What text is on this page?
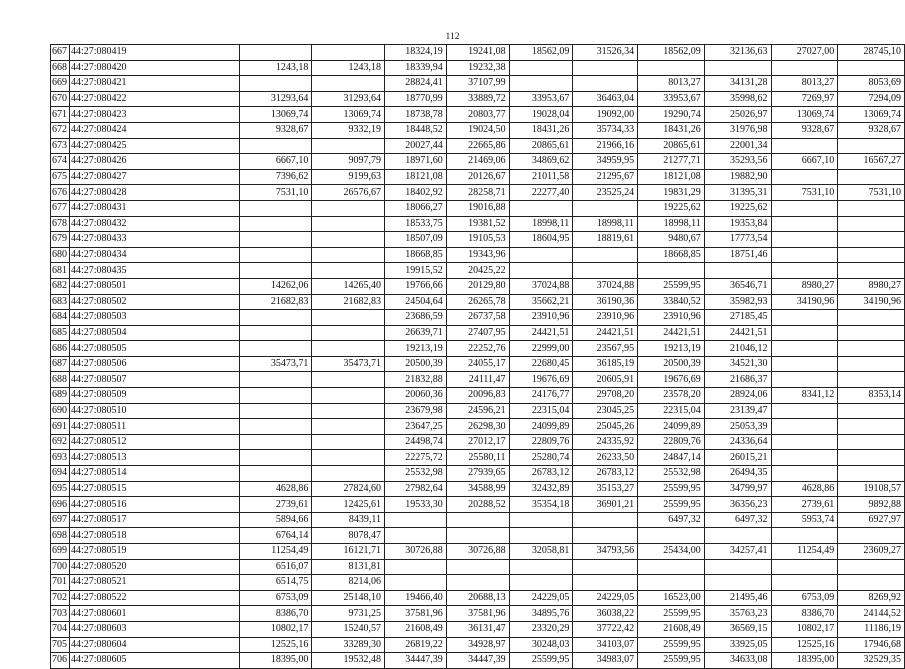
112
667	44:27:080419			18324,19	19241,08	18562,09	31526,34	18562,09	32136,63	27027,00	28745,10
668	44:27:080420	1243,18	1243,18	18339,94	19232,38						
669	44:27:080421			28824,41	37107,99			8013,27	34131,28	8013,27	8053,69
670	44:27:080422	31293,64	31293,64	18770,99	33889,72	33953,67	36463,04	33953,67	35998,62	7269,97	7294,09
671	44:27:080423	13069,74	13069,74	18738,78	20803,77	19028,04	19092,00	19290,74	25026,97	13069,74	13069,74
672	44:27:080424	9328,67	9332,19	18448,52	19024,50	18431,26	35734,33	18431,26	31976,98	9328,67	9328,67
673	44:27:080425			20027,44	22665,86	20865,61	21966,16	20865,61	22001,34		
674	44:27:080426	6667,10	9097,79	18971,60	21469,06	34869,62	34959,95	21277,71	35293,56	6667,10	16567,27
675	44:27:080427	7396,62	9199,63	18121,08	20126,67	21011,58	21295,67	18121,08	19882,90		
676	44:27:080428	7531,10	26576,67	18402,92	28258,71	22277,40	23525,24	19831,29	31395,31	7531,10	7531,10
677	44:27:080431			18066,27	19016,88			19225,62	19225,62		
678	44:27:080432			18533,75	19381,52	18998,11	18998,11	18998,11	19353,84		
679	44:27:080433			18507,09	19105,53	18604,95	18819,61	9480,67	17773,54		
680	44:27:080434			18668,85	19343,96			18668,85	18751,46		
681	44:27:080435			19915,52	20425,22						
682	44:27:080501	14262,06	14265,40	19766,66	20129,80	37024,88	37024,88	25599,95	36546,71	8980,27	8980,27
683	44:27:080502	21682,83	21682,83	24504,64	26265,78	35662,21	36190,36	33840,52	35982,93	34190,96	34190,96
684	44:27:080503			23686,59	26737,58	23910,96	23910,96	23910,96	27185,45		
685	44:27:080504			26639,71	27407,95	24421,51	24421,51	24421,51	24421,51		
686	44:27:080505			19213,19	22252,76	22999,00	23567,95	19213,19	21046,12		
687	44:27:080506	35473,71	35473,71	20500,39	24055,17	22680,45	36185,19	20500,39	34521,30		
688	44:27:080507			21832,88	24111,47	19676,69	20605,91	19676,69	21686,37		
689	44:27:080509			20060,36	20096,83	24176,77	29708,20	23578,20	28924,06	8341,12	8353,14
690	44:27:080510			23679,98	24596,21	22315,04	23045,25	22315,04	23139,47		
691	44:27:080511			23647,25	26298,30	24099,89	25045,26	24099,89	25053,39		
692	44:27:080512			24498,74	27012,17	22809,76	24335,92	22809,76	24336,64		
693	44:27:080513			22275,72	25580,11	25280,74	26233,50	24847,14	26015,21		
694	44:27:080514			25532,98	27939,65	26783,12	26783,12	25532,98	26494,35		
695	44:27:080515	4628,86	27824,60	27982,64	34588,99	32432,89	35153,27	25599,95	34799,97	4628,86	19108,57
696	44:27:080516	2739,61	12425,61	19533,30	20288,52	35354,18	36901,21	25599,95	36356,23	2739,61	9892,88
697	44:27:080517	5894,66	8439,11					6497,32	6497,32	5953,74	6927,97
698	44:27:080518	6764,14	8078,47								
699	44:27:080519	11254,49	16121,71	30726,88	30726,88	32058,81	34793,56	25434,00	34257,41	11254,49	23609,27
700	44:27:080520	6516,07	8131,81								
701	44:27:080521	6514,75	8214,06								
702	44:27:080522	6753,09	25148,10	19466,40	20688,13	24229,05	24229,05	16523,00	21495,46	6753,09	8269,92
703	44:27:080601	8386,70	9731,25	37581,96	37581,96	34895,76	36038,22	25599,95	35763,23	8386,70	24144,52
704	44:27:080603	10802,17	15240,57	21608,49	36131,47	23320,29	37722,42	21608,49	36569,15	10802,17	11186,19
705	44:27:080604	12525,16	33289,30	26819,22	34928,97	30248,03	34103,07	25599,95	33925,05	12525,16	17946,68
706	44:27:080605	18395,00	19532,48	34447,39	34447,39	25599,95	34983,07	25599,95	34633,08	18395,00	32529,35
